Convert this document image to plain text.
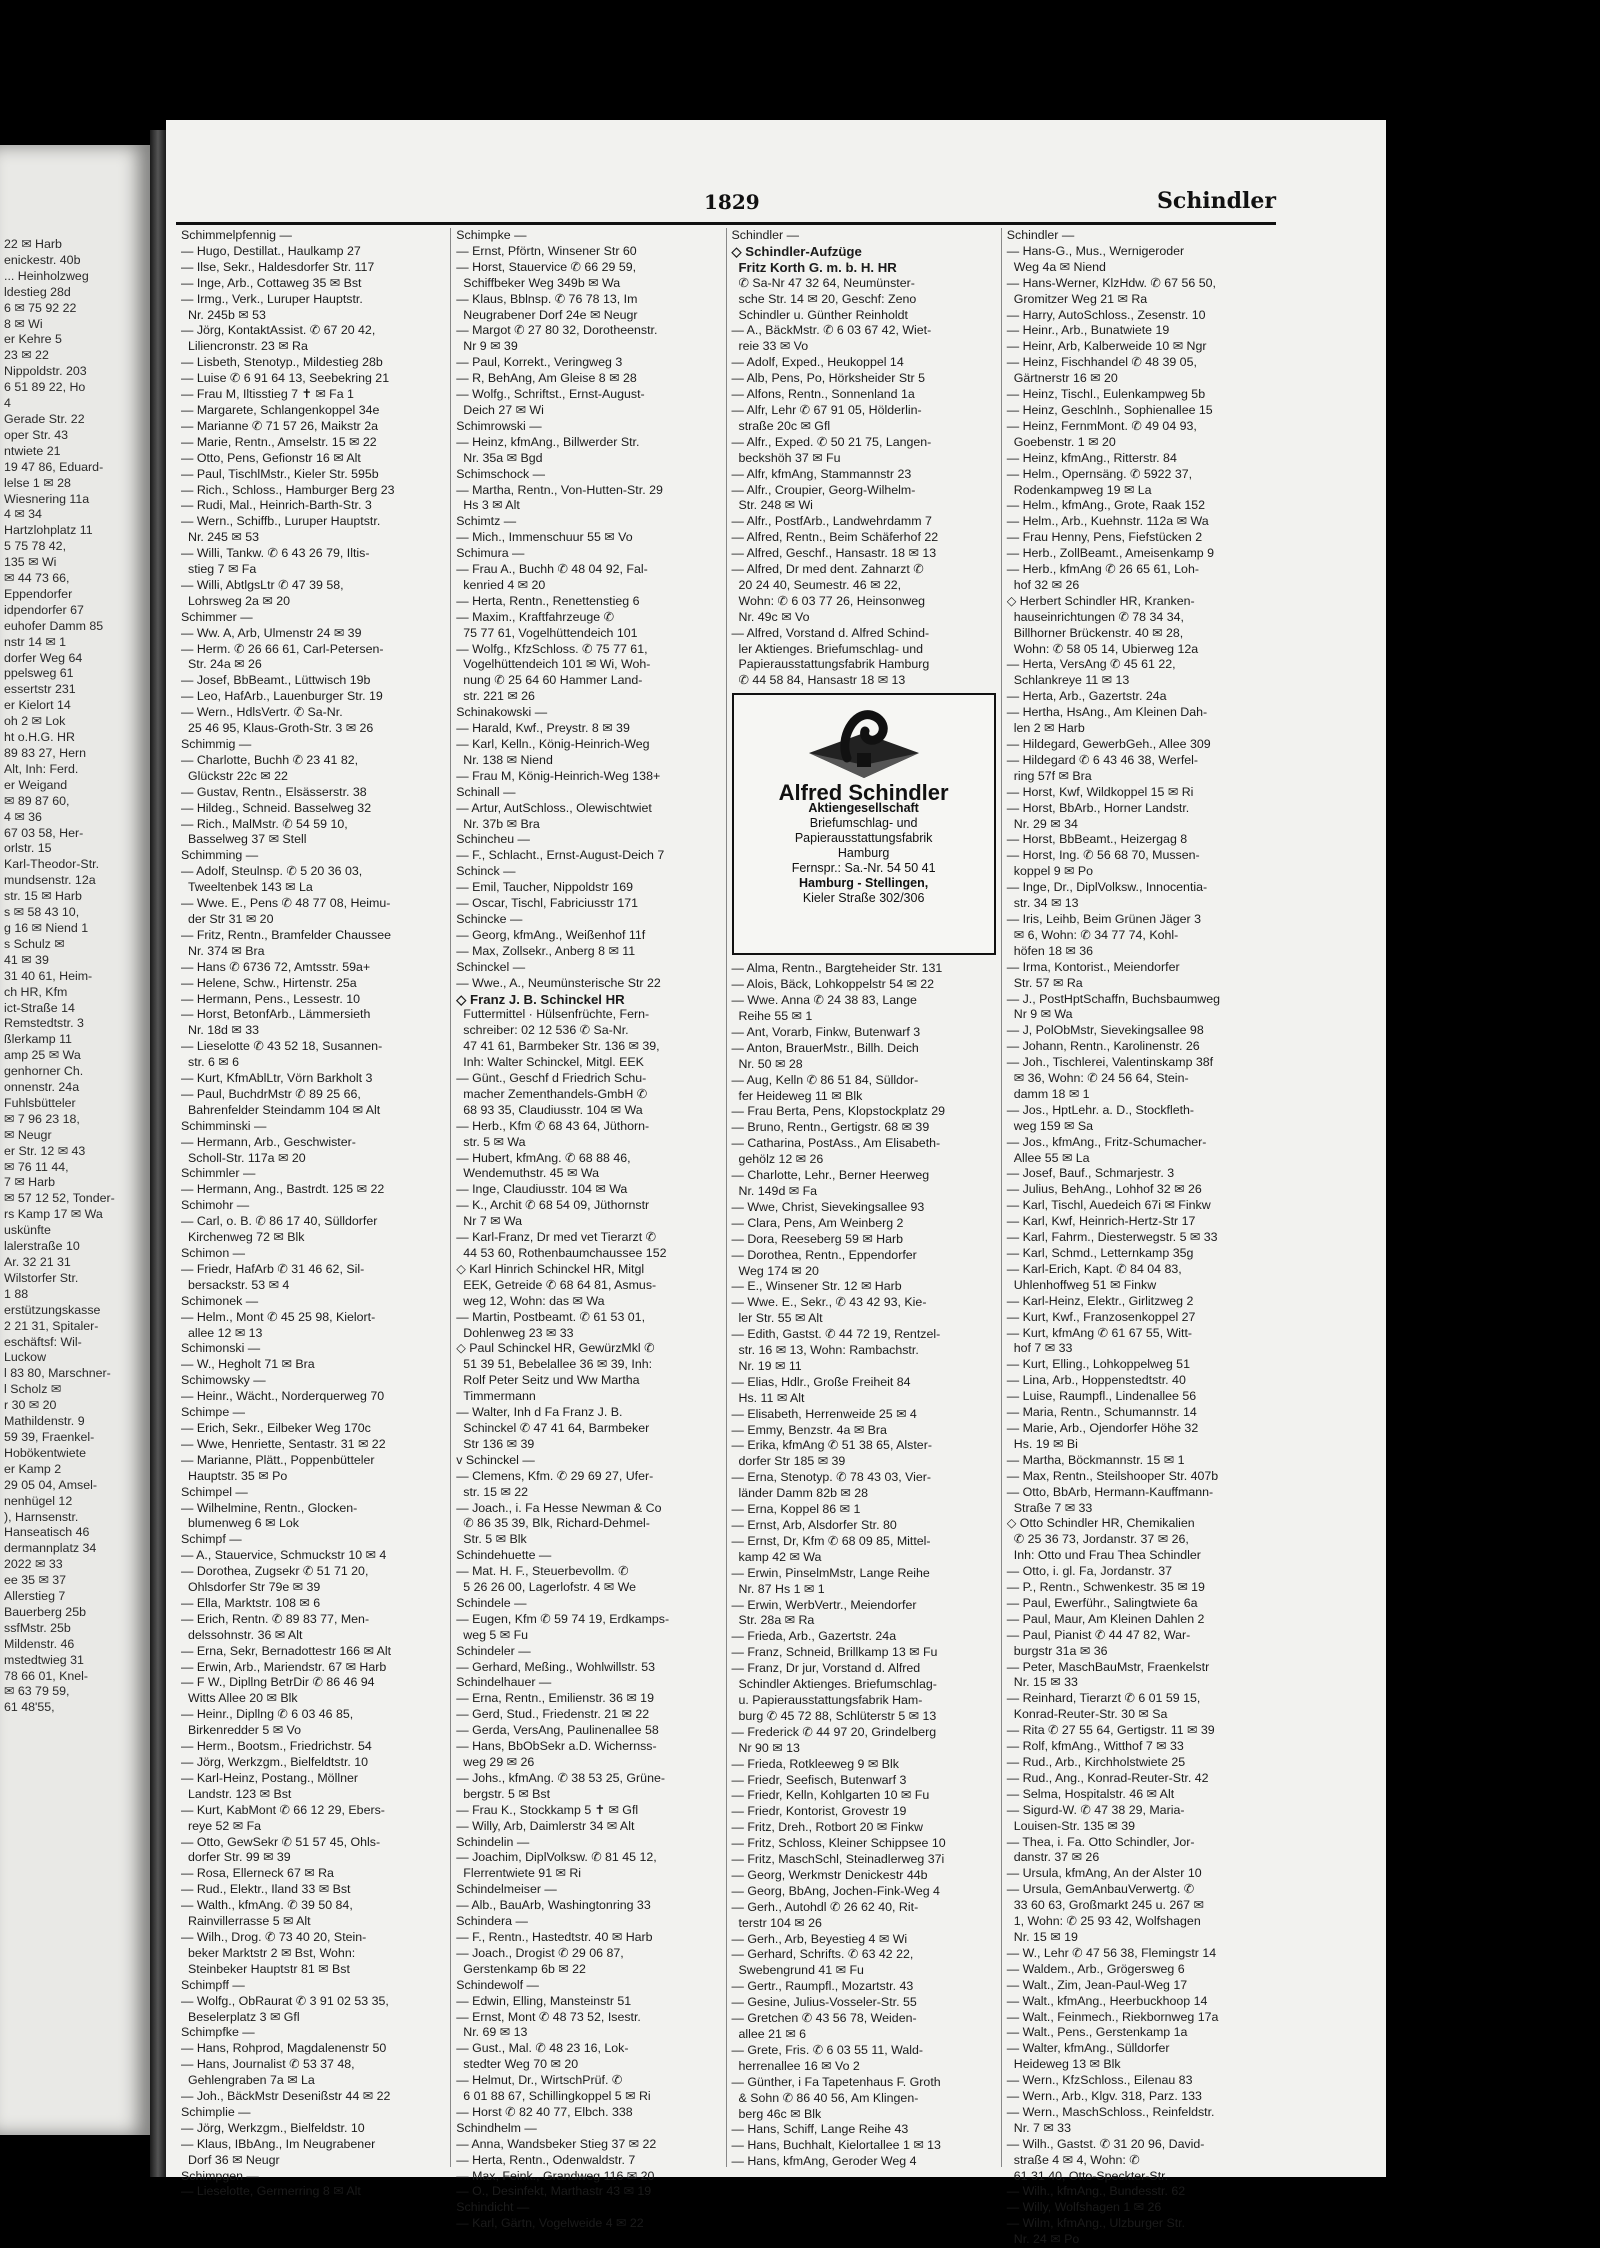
22 ✉ Harb
enickestr. 40b
... Heinholzweg
ldestieg 28d
6 ✉ 75 92 22
8 ✉ Wi
er Kehre 5
23 ✉ 22
Nippoldstr. 203
6 51 89 22, Ho
4
Gerade Str. 22
oper Str. 43
ntwiete 21
19 47 86, Eduard-
lelse 1 ✉ 28
Wiesnering 11a
4 ✉ 34
Hartzlohplatz 11
5 75 78 42,
135 ✉ Wi
✉ 44 73 66,
Eppendorfer
idpendorfer 67
euhofer Damm 85
nstr 14 ✉ 1
dorfer Weg 64
ppelsweg 61
essertstr 231
er Kielort 14
oh 2 ✉ Lok
ht o.H.G. HR
89 83 27, Hern
Alt, Inh: Ferd.
er Weigand
✉ 89 87 60,
4 ✉ 36
67 03 58, Her-
orlstr. 15
Karl-Theodor-Str.
mundsenstr. 12a
str. 15 ✉ Harb
s ✉ 58 43 10,
g 16 ✉ Niend 1
s Schulz ✉
41 ✉ 39
31 40 61, Heim-
ch HR, Kfm
ict-Straße 14
Remstedtstr. 3
ßlerkamp 11
amp 25 ✉ Wa
genhorner Ch.
onnenstr. 24a
Fuhlsbütteler
✉ 7 96 23 18,
✉ Neugr
er Str. 12 ✉ 43
✉ 76 11 44,
7 ✉ Harb
✉ 57 12 52, Tonder-
rs Kamp 17 ✉ Wa
uskünfte
lalerstraße 10
Ar. 32 21 31
Wilstorfer Str.
1 88
erstützungskasse
2 21 31, Spitaler-
eschäftsf: Wil-
Luckow
l 83 80, Marschner-
l Scholz ✉
r 30 ✉ 20
Mathildenstr. 9
59 39, Fraenkel-
Hobökentwiete
er Kamp 2
29 05 04, Amsel-
nenhügel 12
), Harnsenstr.
Hanseatisch 46
dermannplatz 34
2022 ✉ 33
ee 35 ✉ 37
Allerstieg 7
Bauerberg 25b
ssfMstr. 25b
Mildenstr. 46
mstedtwieg 31
78 66 01, Knel-
✉ 63 79 59,
61 48'55,
1829	Schindler
Schimmelpfennig —
— Hugo, Destillat., Haulkamp 27
— Ilse, Sekr., Haldesdorfer Str. 117
— Inge, Arb., Cottaweg 35 ✉ Bst
— Irmg., Verk., Luruper Hauptstr.
Nr. 245b ✉ 53
— Jörg, KontaktAssist. ✆ 67 20 42,
Liliencronstr. 23 ✉ Ra
— Lisbeth, Stenotyp., Mildestieg 28b
— Luise ✆ 6 91 64 13, Seebekring 21
— Frau M, Iltisstieg 7 ✝ ✉ Fa 1
— Margarete, Schlangenkoppel 34e
— Marianne ✆ 71 57 26, Maikstr 2a
— Marie, Rentn., Amselstr. 15 ✉ 22
— Otto, Pens, Gefionstr 16 ✉ Alt
— Paul, TischlMstr., Kieler Str. 595b
— Rich., Schloss., Hamburger Berg 23
— Rudi, Mal., Heinrich-Barth-Str. 3
— Wern., Schiffb., Luruper Hauptstr.
Nr. 245 ✉ 53
— Willi, Tankw. ✆ 6 43 26 79, Iltis-
stieg 7 ✉ Fa
— Willi, AbtlgsLtr ✆ 47 39 58,
Lohrsweg 2a ✉ 20
Schimmer —
— Ww. A, Arb, Ulmenstr 24 ✉ 39
— Herm. ✆ 26 66 61, Carl-Petersen-
Str. 24a ✉ 26
— Josef, BbBeamt., Lüttwisch 19b
— Leo, HafArb., Lauenburger Str. 19
— Wern., HdlsVertr. ✆ Sa-Nr.
25 46 95, Klaus-Groth-Str. 3 ✉ 26
Schimmig —
— Charlotte, Buchh ✆ 23 41 82,
Glückstr 22c ✉ 22
— Gustav, Rentn., Elsässerstr. 38
— Hildeg., Schneid. Basselweg 32
— Rich., MalMstr. ✆ 54 59 10,
Basselweg 37 ✉ Stell
Schimming —
— Adolf, Steulnsp. ✆ 5 20 36 03,
Tweeltenbek 143 ✉ La
— Wwe. E., Pens ✆ 48 77 08, Heimu-
der Str 31 ✉ 20
— Fritz, Rentn., Bramfelder Chaussee
Nr. 374 ✉ Bra
— Hans ✆ 6736 72, Amtsstr. 59a+
— Helene, Schw., Hirtenstr. 25a
— Hermann, Pens., Lessestr. 10
— Horst, BetonfArb., Lämmersieth
Nr. 18d ✉ 33
— Lieselotte ✆ 43 52 18, Susannen-
str. 6 ✉ 6
— Kurt, KfmAblLtr, Vörn Barkholt 3
— Paul, BuchdrMstr ✆ 89 25 66,
Bahrenfelder Steindamm 104 ✉ Alt
Schimminski —
— Hermann, Arb., Geschwister-
Scholl-Str. 117a ✉ 20
Schimmler —
— Hermann, Ang., Bastrdt. 125 ✉ 22
Schimohr —
— Carl, o. B. ✆ 86 17 40, Sülldorfer
Kirchenweg 72 ✉ Blk
Schimon —
— Friedr, HafArb ✆ 31 46 62, Sil-
bersackstr. 53 ✉ 4
Schimonek —
— Helm., Mont ✆ 45 25 98, Kielort-
allee 12 ✉ 13
Schimonski —
— W., Hegholt 71 ✉ Bra
Schimowsky —
— Heinr., Wächt., Norderquerweg 70
Schimpe —
— Erich, Sekr., Eilbeker Weg 170c
— Wwe, Henriette, Sentastr. 31 ✉ 22
— Marianne, Plätt., Poppenbütteler
Hauptstr. 35 ✉ Po
Schimpel —
— Wilhelmine, Rentn., Glocken-
blumenweg 6 ✉ Lok
Schimpf —
— A., Stauervice, Schmuckstr 10 ✉ 4
— Dorothea, Zugsekr ✆ 51 71 20,
Ohlsdorfer Str 79e ✉ 39
— Ella, Marktstr. 108 ✉ 6
— Erich, Rentn. ✆ 89 83 77, Men-
delssohnstr. 36 ✉ Alt
— Erna, Sekr, Bernadottestr 166 ✉ Alt
— Erwin, Arb., Mariendstr. 67 ✉ Harb
— F W., Dipllng BetrDir ✆ 86 46 94
Witts Allee 20 ✉ Blk
— Heinr., Dipllng ✆ 6 03 46 85,
Birkenredder 5 ✉ Vo
— Herm., Bootsm., Friedrichstr. 54
— Jörg, Werkzgm., Bielfeldtstr. 10
— Karl-Heinz, Postang., Möllner
Landstr. 123 ✉ Bst
— Kurt, KabMont ✆ 66 12 29, Ebers-
reye 52 ✉ Fa
— Otto, GewSekr ✆ 51 57 45, Ohls-
dorfer Str. 99 ✉ 39
— Rosa, Ellerneck 67 ✉ Ra
— Rud., Elektr., Iland 33 ✉ Bst
— Walth., kfmAng. ✆ 39 50 84,
Rainvillerrasse 5 ✉ Alt
— Wilh., Drog. ✆ 73 40 20, Stein-
beker Marktstr 2 ✉ Bst, Wohn:
Steinbeker Hauptstr 81 ✉ Bst
Schimpff —
— Wolfg., ObRaurat ✆ 3 91 02 53 35,
Beselerplatz 3 ✉ Gfl
Schimpfke —
— Hans, Rohprod, Magdalenenstr 50
— Hans, Journalist ✆ 53 37 48,
Gehlengraben 7a ✉ La
— Joh., BäckMstr Desenißstr 44 ✉ 22
Schimplie —
— Jörg, Werkzgm., Bielfeldstr. 10
— Klaus, IBbAng., Im Neugrabener
Dorf 36 ✉ Neugr
Schimpgen —
— Lieselotte, Germerring 8 ✉ Alt
Schimpke —
— Ernst, Pförtn, Winsener Str 60
— Horst, Stauervice ✆ 66 29 59,
Schiffbeker Weg 349b ✉ Wa
— Klaus, Bblnsp. ✆ 76 78 13, Im
Neugrabener Dorf 24e ✉ Neugr
— Margot ✆ 27 80 32, Dorotheenstr.
Nr 9 ✉ 39
— Paul, Korrekt., Veringweg 3
— R, BehAng, Am Gleise 8 ✉ 28
— Wolfg., Schriftst., Ernst-August-
Deich 27 ✉ Wi
Schimrowski —
— Heinz, kfmAng., Billwerder Str.
Nr. 35a ✉ Bgd
Schimschock —
— Martha, Rentn., Von-Hutten-Str. 29
Hs 3 ✉ Alt
Schimtz —
— Mich., Immenschuur 55 ✉ Vo
Schimura —
— Frau A., Buchh ✆ 48 04 92, Fal-
kenried 4 ✉ 20
— Herta, Rentn., Renettenstieg 6
— Maxim., Kraftfahrzeuge ✆
75 77 61, Vogelhüttendeich 101
— Wolfg., KfzSchloss. ✆ 75 77 61,
Vogelhüttendeich 101 ✉ Wi, Woh-
nung ✆ 25 64 60 Hammer Land-
str. 221 ✉ 26
Schinakowski —
— Harald, Kwf., Preystr. 8 ✉ 39
— Karl, Kelln., König-Heinrich-Weg
Nr. 138 ✉ Niend
— Frau M, König-Heinrich-Weg 138+
Schinall —
— Artur, AutSchloss., Olewischtwiet
Nr. 37b ✉ Bra
Schincheu —
— F., Schlacht., Ernst-August-Deich 7
Schinck —
— Emil, Taucher, Nippoldstr 169
— Oscar, Tischl, Fabriciusstr 171
Schincke —
— Georg, kfmAng., Weißenhof 11f
— Max, Zollsekr., Anberg 8 ✉ 11
Schinckel —
— Wwe., A., Neumünsterische Str 22
◇ Franz J. B. Schinckel HR
Futtermittel · Hülsenfrüchte, Fern-
schreiber: 02 12 536 ✆ Sa-Nr.
47 41 61, Barmbeker Str. 136 ✉ 39,
Inh: Walter Schinckel, Mitgl. EEK
— Günt., Geschf d Friedrich Schu-
macher Zementhandels-GmbH ✆
68 93 35, Claudiusstr. 104 ✉ Wa
— Herb., Kfm ✆ 68 43 64, Jüthorn-
str. 5 ✉ Wa
— Hubert, kfmAng. ✆ 68 88 46,
Wendemuthstr. 45 ✉ Wa
— Inge, Claudiusstr. 104 ✉ Wa
— K., Archit ✆ 68 54 09, Jüthornstr
Nr 7 ✉ Wa
— Karl-Franz, Dr med vet Tierarzt ✆
44 53 60, Rothenbaumchaussee 152
◇ Karl Hinrich Schinckel HR, Mitgl
EEK, Getreide ✆ 68 64 81, Asmus-
weg 12, Wohn: das ✉ Wa
— Martin, Postbeamt. ✆ 61 53 01,
Dohlenweg 23 ✉ 33
◇ Paul Schinckel HR, GewürzMkl ✆
51 39 51, Bebelallee 36 ✉ 39, Inh:
Rolf Peter Seitz und Ww Martha
Timmermann
— Walter, Inh d Fa Franz J. B.
Schinckel ✆ 47 41 64, Barmbeker
Str 136 ✉ 39
v Schinckel —
— Clemens, Kfm. ✆ 29 69 27, Ufer-
str. 15 ✉ 22
— Joach., i. Fa Hesse Newman & Co
✆ 86 35 39, Blk, Richard-Dehmel-
Str. 5 ✉ Blk
Schindehuette —
— Mat. H. F., Steuerbevollm. ✆
5 26 26 00, Lagerlofstr. 4 ✉ We
Schindele —
— Eugen, Kfm ✆ 59 74 19, Erdkamps-
weg 5 ✉ Fu
Schindeler —
— Gerhard, Meßing., Wohlwillstr. 53
Schindelhauer —
— Erna, Rentn., Emilienstr. 36 ✉ 19
— Gerd, Stud., Friedenstr. 21 ✉ 22
— Gerda, VersAng, Paulinenallee 58
— Hans, BbObSekr a.D. Wichernss-
weg 29 ✉ 26
— Johs., kfmAng. ✆ 38 53 25, Grüne-
bergstr. 5 ✉ Bst
— Frau K., Stockkamp 5 ✝ ✉ Gfl
— Willy, Arb, Daimlerstr 34 ✉ Alt
Schindelin —
— Joachim, DiplVolksw. ✆ 81 45 12,
Flerrentwiete 91 ✉ Ri
Schindelmeiser —
— Alb., BauArb, Washingtonring 33
Schindera —
— F., Rentn., Hastedtstr. 40 ✉ Harb
— Joach., Drogist ✆ 29 06 87,
Gerstenkamp 6b ✉ 22
Schindewolf —
— Edwin, Elling, Mansteinstr 51
— Ernst, Mont ✆ 48 73 52, Isestr.
Nr. 69 ✉ 13
— Gust., Mal. ✆ 48 23 16, Lok-
stedter Weg 70 ✉ 20
— Helmut, Dr., WirtschPrüf. ✆
6 01 88 67, Schillingkoppel 5 ✉ Ri
— Horst ✆ 82 40 77, Elbch. 338
Schindhelm —
— Anna, Wandsbeker Stieg 37 ✉ 22
— Herta, Rentn., Odenwaldstr. 7
— Max, Feink., Grandweg 116 ✉ 20
— O., Desinfekt, Marthastr 43 ✉ 19
Schindicht —
— Karl, Gärtn, Vogelweide 4 ✉ 22
Schindler —
◇ Schindler-Aufzüge
Fritz Korth G. m. b. H. HR
✆ Sa-Nr 47 32 64, Neumünster-
sche Str. 14 ✉ 20, Geschf: Zeno
Schindler u. Günther Reinholdt
— A., BäckMstr. ✆ 6 03 67 42, Wiet-
reie 33 ✉ Vo
— Adolf, Exped., Heukoppel 14
— Alb, Pens, Po, Hörksheider Str 5
— Alfons, Rentn., Sonnenland 1a
— Alfr, Lehr ✆ 67 91 05, Hölderlin-
straße 20c ✉ Gfl
— Alfr., Exped. ✆ 50 21 75, Langen-
beckshöh 37 ✉ Fu
— Alfr, kfmAng, Stammannstr 23
— Alfr., Croupier, Georg-Wilhelm-
Str. 248 ✉ Wi
— Alfr., PostfArb., Landwehrdamm 7
— Alfred, Rentn., Beim Schäferhof 22
— Alfred, Geschf., Hansastr. 18 ✉ 13
— Alfred, Dr med dent. Zahnarzt ✆
20 24 40, Seumestr. 46 ✉ 22,
Wohn: ✆ 6 03 77 26, Heinsonweg
Nr. 49c ✉ Vo
— Alfred, Vorstand d. Alfred Schind-
ler Aktienges. Briefumschlag- und
Papierausstattungsfabrik Hamburg
✆ 44 58 84, Hansastr 18 ✉ 13
Alfred Schindler
Aktiengesellschaft
Briefumschlag- und
Papierausstattungsfabrik
Hamburg
Fernspr.: Sa.-Nr. 54 50 41
Hamburg - Stellingen,
Kieler Straße 302/306
— Alma, Rentn., Bargteheider Str. 131
— Alois, Bäck, Lohkoppelstr 54 ✉ 22
— Wwe. Anna ✆ 24 38 83, Lange
Reihe 55 ✉ 1
— Ant, Vorarb, Finkw, Butenwarf 3
— Anton, BrauerMstr., Billh. Deich
Nr. 50 ✉ 28
— Aug, Kelln ✆ 86 51 84, Sülldor-
fer Heideweg 11 ✉ Blk
— Frau Berta, Pens, Klopstockplatz 29
— Bruno, Rentn., Gertigstr. 68 ✉ 39
— Catharina, PostAss., Am Elisabeth-
gehölz 12 ✉ 26
— Charlotte, Lehr., Berner Heerweg
Nr. 149d ✉ Fa
— Wwe, Christ, Sievekingsallee 93
— Clara, Pens, Am Weinberg 2
— Dora, Reeseberg 59 ✉ Harb
— Dorothea, Rentn., Eppendorfer
Weg 174 ✉ 20
— E., Winsener Str. 12 ✉ Harb
— Wwe. E., Sekr., ✆ 43 42 93, Kie-
ler Str. 55 ✉ Alt
— Edith, Gastst. ✆ 44 72 19, Rentzel-
str. 16 ✉ 13, Wohn: Rambachstr.
Nr. 19 ✉ 11
— Elias, Hdlr., Große Freiheit 84
Hs. 11 ✉ Alt
— Elisabeth, Herrenweide 25 ✉ 4
— Emmy, Benzstr. 4a ✉ Bra
— Erika, kfmAng ✆ 51 38 65, Alster-
dorfer Str 185 ✉ 39
— Erna, Stenotyp. ✆ 78 43 03, Vier-
länder Damm 82b ✉ 28
— Erna, Koppel 86 ✉ 1
— Ernst, Arb, Alsdorfer Str. 80
— Ernst, Dr, Kfm ✆ 68 09 85, Mittel-
kamp 42 ✉ Wa
— Erwin, PinselmMstr, Lange Reihe
Nr. 87 Hs 1 ✉ 1
— Erwin, WerbVertr., Meiendorfer
Str. 28a ✉ Ra
— Frieda, Arb., Gazertstr. 24a
— Franz, Schneid, Brillkamp 13 ✉ Fu
— Franz, Dr jur, Vorstand d. Alfred
Schindler Aktienges. Briefumschlag-
u. Papierausstattungsfabrik Ham-
burg ✆ 45 72 88, Schlüterstr 5 ✉ 13
— Frederick ✆ 44 97 20, Grindelberg
Nr 90 ✉ 13
— Frieda, Rotkleeweg 9 ✉ Blk
— Friedr, Seefisch, Butenwarf 3
— Friedr, Kelln, Kohlgarten 10 ✉ Fu
— Friedr, Kontorist, Grovestr 19
— Fritz, Dreh., Rotbort 20 ✉ Finkw
— Fritz, Schloss, Kleiner Schippsee 10
— Fritz, MaschSchl, Steinadlerweg 37i
— Georg, Werkmstr Denickestr 44b
— Georg, BbAng, Jochen-Fink-Weg 4
— Gerh., Autohdl ✆ 26 62 40, Rit-
terstr 104 ✉ 26
— Gerh., Arb, Beyestieg 4 ✉ Wi
— Gerhard, Schrifts. ✆ 63 42 22,
Swebengrund 41 ✉ Fu
— Gertr., Raumpfl., Mozartstr. 43
— Gesine, Julius-Vosseler-Str. 55
— Gretchen ✆ 43 56 78, Weiden-
allee 21 ✉ 6
— Grete, Fris. ✆ 6 03 55 11, Wald-
herrenallee 16 ✉ Vo 2
— Günther, i Fa Tapetenhaus F. Groth
& Sohn ✆ 86 40 56, Am Klingen-
berg 46c ✉ Blk
— Hans, Schiff, Lange Reihe 43
— Hans, Buchhalt, Kielortallee 1 ✉ 13
— Hans, kfmAng, Geroder Weg 4
Schindler —
— Hans-G., Mus., Wernigeroder
Weg 4a ✉ Niend
— Hans-Werner, KlzHdw. ✆ 67 56 50,
Gromitzer Weg 21 ✉ Ra
— Harry, AutoSchloss., Zesenstr. 10
— Heinr., Arb., Bunatwiete 19
— Heinr, Arb, Kalberweide 10 ✉ Ngr
— Heinz, Fischhandel ✆ 48 39 05,
Gärtnerstr 16 ✉ 20
— Heinz, Tischl., Eulenkampweg 5b
— Heinz, Geschlnh., Sophienallee 15
— Heinz, FernmMont. ✆ 49 04 93,
Goebenstr. 1 ✉ 20
— Heinz, kfmAng., Ritterstr. 84
— Helm., Opernsäng. ✆ 5922 37,
Rodenkampweg 19 ✉ La
— Helm., kfmAng., Grote, Raak 152
— Helm., Arb., Kuehnstr. 112a ✉ Wa
— Frau Henny, Pens, Fiefstücken 2
— Herb., ZollBeamt., Ameisenkamp 9
— Herb., kfmAng ✆ 26 65 61, Loh-
hof 32 ✉ 26
◇ Herbert Schindler HR, Kranken-
hauseinrichtungen ✆ 78 34 34,
Billhorner Brückenstr. 40 ✉ 28,
Wohn: ✆ 58 05 14, Ubierweg 12a
— Herta, VersAng ✆ 45 61 22,
Schlankreye 11 ✉ 13
— Herta, Arb., Gazertstr. 24a
— Hertha, HsAng., Am Kleinen Dah-
len 2 ✉ Harb
— Hildegard, GewerbGeh., Allee 309
— Hildegard ✆ 6 43 46 38, Werfel-
ring 57f ✉ Bra
— Horst, Kwf, Wildkoppel 15 ✉ Ri
— Horst, BbArb., Horner Landstr.
Nr. 29 ✉ 34
— Horst, BbBeamt., Heizergag 8
— Horst, Ing. ✆ 56 68 70, Mussen-
koppel 9 ✉ Po
— Inge, Dr., DiplVolksw., Innocentia-
str. 34 ✉ 13
— Iris, Leihb, Beim Grünen Jäger 3
✉ 6, Wohn: ✆ 34 77 74, Kohl-
höfen 18 ✉ 36
— Irma, Kontorist., Meiendorfer
Str. 57 ✉ Ra
— J., PostHptSchaffn, Buchsbaumweg
Nr 9 ✉ Wa
— J, PolObMstr, Sievekingsallee 98
— Johann, Rentn., Karolinenstr. 26
— Joh., Tischlerei, Valentinskamp 38f
✉ 36, Wohn: ✆ 24 56 64, Stein-
damm 18 ✉ 1
— Jos., HptLehr. a. D., Stockfleth-
weg 159 ✉ Sa
— Jos., kfmAng., Fritz-Schumacher-
Allee 55 ✉ La
— Josef, Bauf., Schmarjestr. 3
— Julius, BehAng., Lohhof 32 ✉ 26
— Karl, Tischl, Auedeich 67i ✉ Finkw
— Karl, Kwf, Heinrich-Hertz-Str 17
— Karl, Fahrm., Diesterwegstr. 5 ✉ 33
— Karl, Schmd., Letternkamp 35g
— Karl-Erich, Kapt. ✆ 84 04 83,
Uhlenhoffweg 51 ✉ Finkw
— Karl-Heinz, Elektr., Girlitzweg 2
— Kurt, Kwf., Franzosenkoppel 27
— Kurt, kfmAng ✆ 61 67 55, Witt-
hof 7 ✉ 33
— Kurt, Elling., Lohkoppelweg 51
— Lina, Arb., Hoppenstedtstr. 40
— Luise, Raumpfl., Lindenallee 56
— Maria, Rentn., Schumannstr. 14
— Marie, Arb., Ojendorfer Höhe 32
Hs. 19 ✉ Bi
— Martha, Böckmannstr. 15 ✉ 1
— Max, Rentn., Steilshooper Str. 407b
— Otto, BbArb, Hermann-Kauffmann-
Straße 7 ✉ 33
◇ Otto Schindler HR, Chemikalien
✆ 25 36 73, Jordanstr. 37 ✉ 26,
Inh: Otto und Frau Thea Schindler
— Otto, i. gl. Fa, Jordanstr. 37
— P., Rentn., Schwenkestr. 35 ✉ 19
— Paul, Ewerführ., Salingtwiete 6a
— Paul, Maur, Am Kleinen Dahlen 2
— Paul, Pianist ✆ 44 47 82, War-
burgstr 31a ✉ 36
— Peter, MaschBauMstr, Fraenkelstr
Nr. 15 ✉ 33
— Reinhard, Tierarzt ✆ 6 01 59 15,
Konrad-Reuter-Str. 30 ✉ Sa
— Rita ✆ 27 55 64, Gertigstr. 11 ✉ 39
— Rolf, kfmAng., Witthof 7 ✉ 33
— Rud., Arb., Kirchholstwiete 25
— Rud., Ang., Konrad-Reuter-Str. 42
— Selma, Hospitalstr. 46 ✉ Alt
— Sigurd-W. ✆ 47 38 29, Maria-
Louisen-Str. 135 ✉ 39
— Thea, i. Fa. Otto Schindler, Jor-
danstr. 37 ✉ 26
— Ursula, kfmAng, An der Alster 10
— Ursula, GemAnbauVerwertg. ✆
33 60 63, Großmarkt 245 u. 267 ✉
1, Wohn: ✆ 25 93 42, Wolfshagen
Nr. 15 ✉ 19
— W., Lehr ✆ 47 56 38, Flemingstr 14
— Waldem., Arb., Grögersweg 6
— Walt., Zim, Jean-Paul-Weg 17
— Walt., kfmAng., Heerbuckhoop 14
— Walt., Feinmech., Riekbornweg 17a
— Walt., Pens., Gerstenkamp 1a
— Walter, kfmAng., Sülldorfer
Heideweg 13 ✉ Blk
— Wern., KfzSchloss., Eilenau 83
— Wern., Arb., Klgv. 318, Parz. 133
— Wern., MaschSchloss., Reinfeldstr.
Nr. 7 ✉ 33
— Wilh., Gastst. ✆ 31 20 96, David-
straße 4 ✉ 4, Wohn: ✆
61 31 40, Otto-Speckter-Str.
— Wilh., kfmAng., Bundesstr. 62
— Willy, Wolfshagen 1 ✉ 26
— Wilm, kfmAng., Ulzburger Str.
Nr. 24 ✉ Po
